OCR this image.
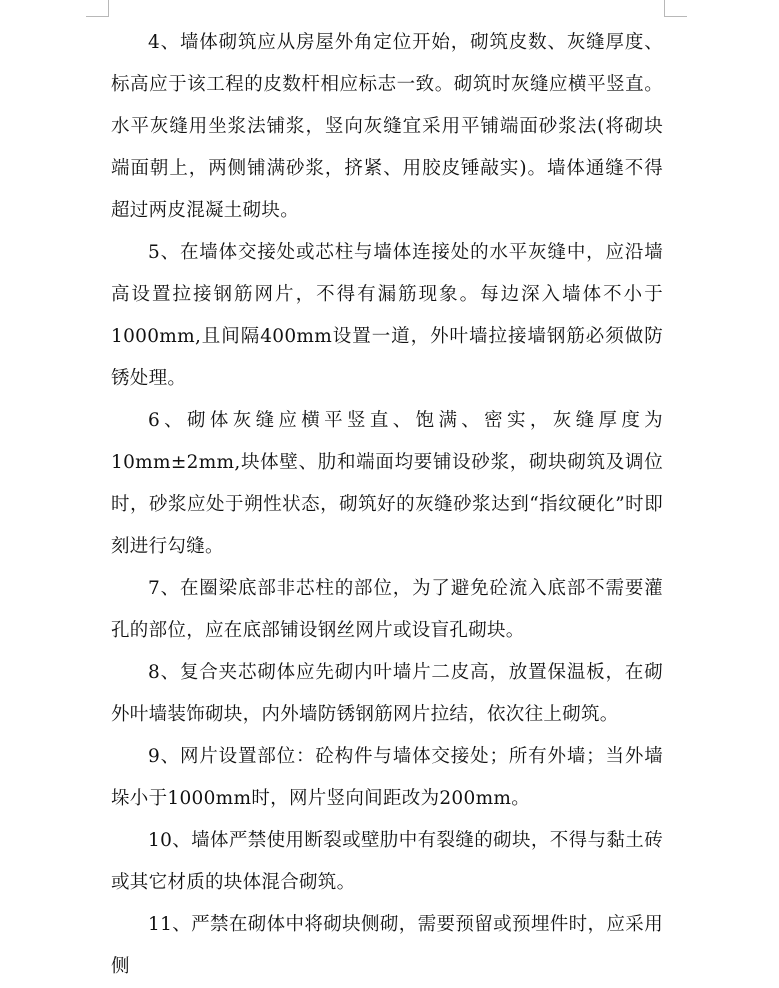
4、墙体砌筑应从房屋外角定位开始，砌筑皮数、灰缝厚度、标高应于该工程的皮数杆相应标志一致。砌筑时灰缝应横平竖直。水平灰缝用坐浆法铺浆，竖向灰缝宜采用平铺端面砂浆法(将砌块端面朝上，两侧铺满砂浆，挤紧、用胶皮锤敲实)。墙体通缝不得超过两皮混凝土砌块。

5、在墙体交接处或芯柱与墙体连接处的水平灰缝中，应沿墙高设置拉接钢筋网片，不得有漏筋现象。每边深入墙体不小于1000mm,且间隔400mm设置一道，外叶墙拉接墙钢筋必须做防锈处理。

6、砌体灰缝应横平竖直、饱满、密实，灰缝厚度为10mm±2mm,块体壁、肋和端面均要铺设砂浆，砌块砌筑及调位时，砂浆应处于朔性状态，砌筑好的灰缝砂浆达到“指纹硬化”时即刻进行勾缝。

7、在圈梁底部非芯柱的部位，为了避免砼流入底部不需要灌孔的部位，应在底部铺设钢丝网片或设盲孔砌块。

8、复合夹芯砌体应先砌内叶墙片二皮高，放置保温板，在砌外叶墙装饰砌块，内外墙防锈钢筋网片拉结，依次往上砌筑。

9、网片设置部位：砼构件与墙体交接处；所有外墙；当外墙垛小于1000mm时，网片竖向间距改为200mm。

10、墙体严禁使用断裂或壁肋中有裂缝的砌块，不得与黏土砖或其它材质的块体混合砌筑。

11、严禁在砌体中将砌块侧砌，需要预留或预埋件时，应采用侧
